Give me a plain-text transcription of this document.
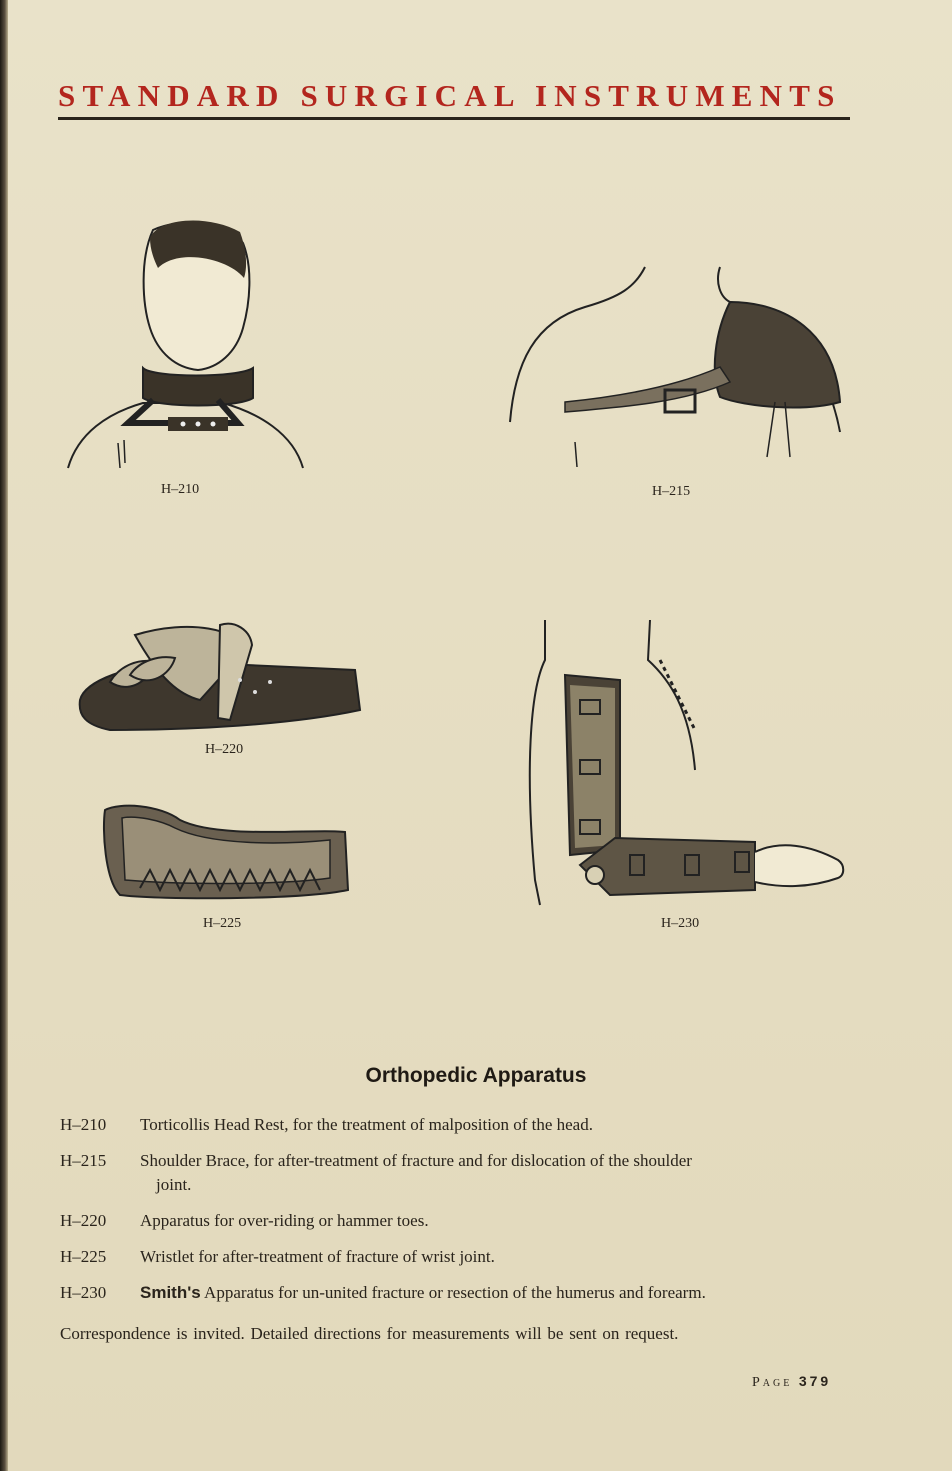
STANDARD SURGICAL INSTRUMENTS
H–210	H–215
H–220
H–225	H–230
Orthopedic Apparatus
H–210	Torticollis Head Rest, for the treatment of malposition of the head.
H–215	Shoulder Brace, for after-treatment of fracture and for dislocation of the shoulder
joint.
H–220	Apparatus for over-riding or hammer toes.
H–225	Wristlet for after-treatment of fracture of wrist joint.
H–230	Smith's Apparatus for un-united fracture or resection of the humerus and forearm.
Correspondence is invited. Detailed directions for measurements will be sent on request.
Page 379
